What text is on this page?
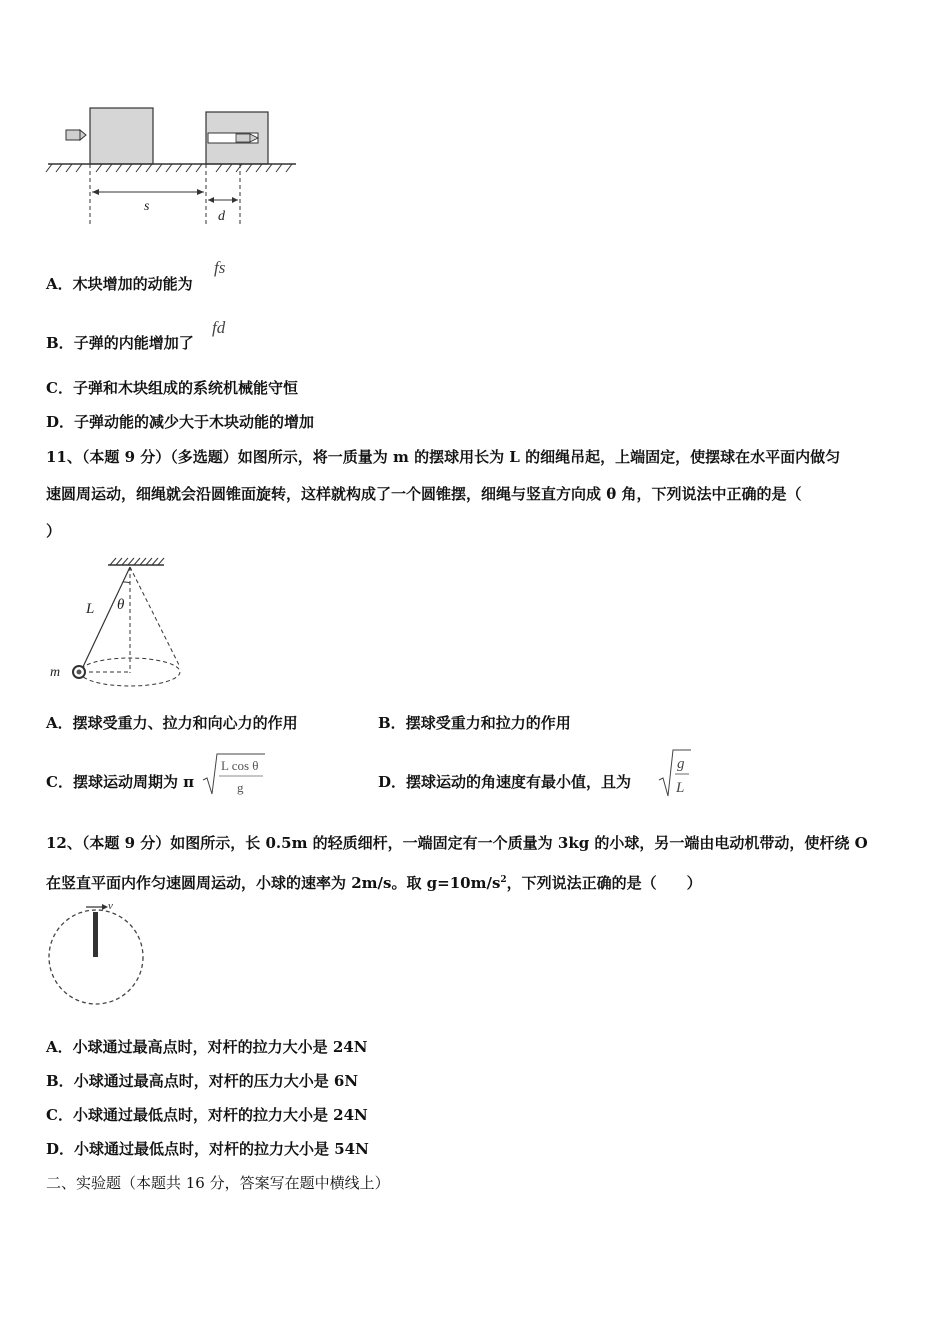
s
d
A．木块增加的动能为
fs
B．子弹的内能增加了
fd
C．子弹和木块组成的系统机械能守恒
D．子弹动能的减少大于木块动能的增加
11、（本题 9 分）（多选题）如图所示，将一质量为 m 的摆球用长为 L 的细绳吊起，上端固定，使摆球在水平面内做匀
速圆周运动，细绳就会沿圆锥面旋转，这样就构成了一个圆锥摆，细绳与竖直方向成 θ 角，下列说法中正确的是（
）
L θ
m
A．摆球受重力、拉力和向心力的作用	B．摆球受重力和拉力的作用
C．摆球运动周期为 π
L cos θ
g	D．摆球运动的角速度有最小值，且为
g
L
12、（本题 9 分）如图所示，长 0.5m 的轻质细杆，一端固定有一个质量为 3kg 的小球，另一端由电动机带动，使杆绕 O
在竖直平面内作匀速圆周运动，小球的速率为 2m/s。取 $g=10m/s^2$，下列说法正确的是（　　）
v
A．小球通过最高点时，对杆的拉力大小是 24N
B．小球通过最高点时，对杆的压力大小是 6N
C．小球通过最低点时，对杆的拉力大小是 24N
D．小球通过最低点时，对杆的拉力大小是 54N
二、实验题（本题共 16 分，答案写在题中横线上）
